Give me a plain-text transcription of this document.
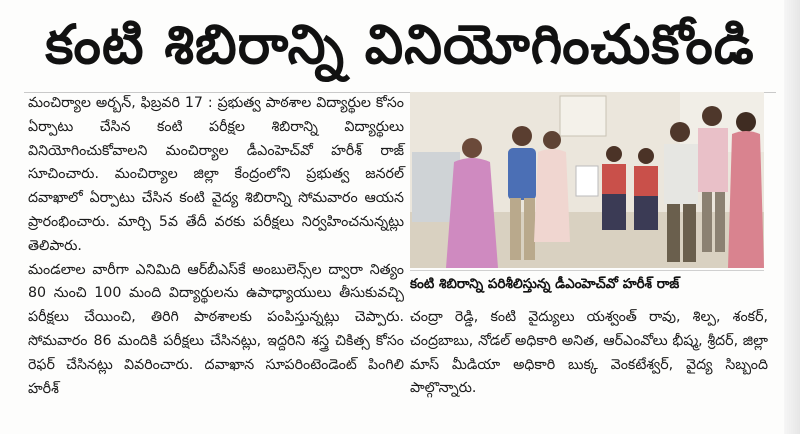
కంటి శిబిరాన్ని వినియోగించుకోండి

మంచిర్యాల అర్బన్, ఫిబ్రవరి 17 : ప్రభుత్వ పాఠశాల విద్యార్థుల కోసం ఏర్పాటు చేసిన కంటి పరీక్షల శిబిరాన్ని విద్యార్థులు వినియోగించుకోవాలని మంచిర్యాల డీఎంహెచ్‌వో హరీశ్ రాజ్ సూచించారు. మంచిర్యాల జిల్లా కేంద్రంలోని ప్రభుత్వ జనరల్ దవాఖాలో ఏర్పాటు చేసిన కంటి వైద్య శిబిరాన్ని సోమవారం ఆయన ప్రారంభించారు. మార్చి 5వ తేదీ వరకు పరీక్షలు నిర్వహించనున్నట్లు తెలిపారు.

మండలాల వారీగా ఎనిమిది ఆర్‌బీఎస్‌కే అంబులెన్స్‌ల ద్వారా నిత్యం 80 నుంచి 100 మంది విద్యార్థులను ఉపాధ్యాయులు తీసుకువచ్చి పరీక్షలు చేయించి, తిరిగి పాఠశాలకు పంపిస్తున్నట్లు చెప్పారు. సోమవారం 86 మందికి పరీక్షలు చేసినట్లు, ఇద్దరిని శస్త్ర చికిత్స కోసం రెఫర్ చేసినట్లు వివరించారు. దవాఖాన సూపరింటెండెంట్ పింగిలి హరీశ్

కంటి శిబిరాన్ని పరిశీలిస్తున్న డీఎంహెచ్‌వో హరీశ్ రాజ్

చంద్రా రెడ్డి, కంటి వైద్యులు యశ్వంత్ రావు, శిల్ప, శంకర్, చంద్రబాబు, నోడల్ అధికారి అనిత, ఆర్‌ఎంవోలు భీష్మ, శ్రీదర్, జిల్లా మాస్ మీడియా అధికారి బుక్క వెంకటేశ్వర్, వైద్య సిబ్బంది పాల్గొన్నారు.
